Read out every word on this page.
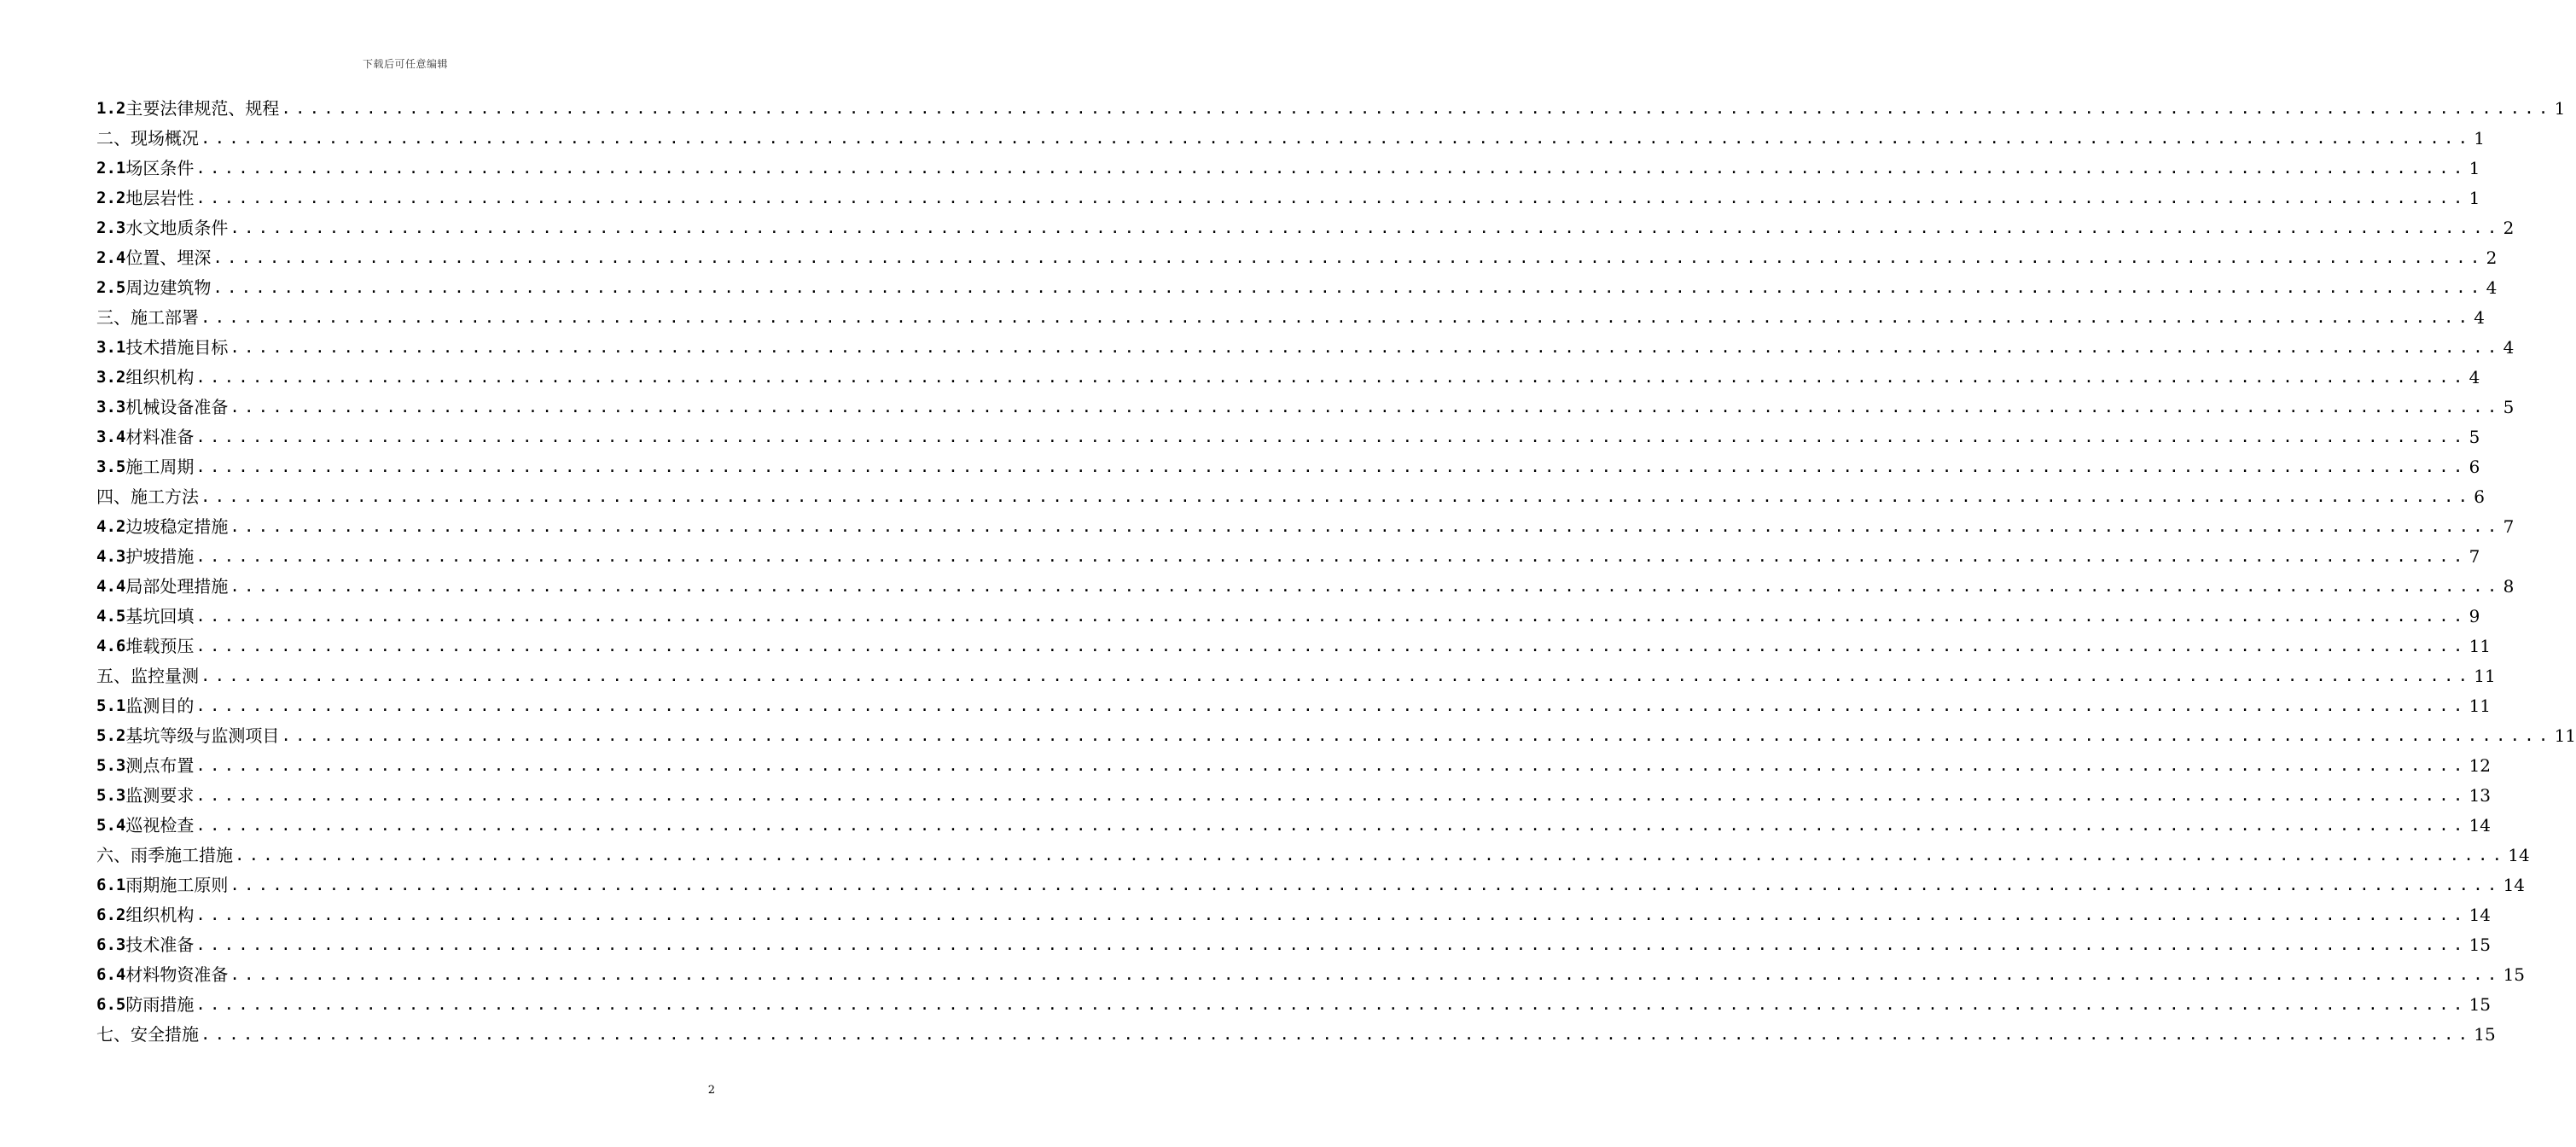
下载后可任意编辑
1.2 主要法律规范、规程 ................................................................................................................................................................ 1
二、现场概况 ................................................................................................................................................................ 1
2.1 场区条件 ................................................................................................................................................................ 1
2.2 地层岩性 ................................................................................................................................................................ 1
2.3 水文地质条件 ................................................................................................................................................................ 2
2.4 位置、埋深 ................................................................................................................................................................ 2
2.5 周边建筑物 ................................................................................................................................................................ 4
三、施工部署 ................................................................................................................................................................ 4
3.1 技术措施目标 ................................................................................................................................................................ 4
3.2 组织机构 ................................................................................................................................................................ 4
3.3 机械设备准备 ................................................................................................................................................................ 5
3.4 材料准备 ................................................................................................................................................................ 5
3.5 施工周期 ................................................................................................................................................................ 6
四、施工方法 ................................................................................................................................................................ 6
4.2 边坡稳定措施 ................................................................................................................................................................ 7
4.3 护坡措施 ................................................................................................................................................................ 7
4.4 局部处理措施 ................................................................................................................................................................ 8
4.5 基坑回填 ................................................................................................................................................................ 9
4.6 堆载预压 ................................................................................................................................................................ 11
五、监控量测 ................................................................................................................................................................ 11
5.1 监测目的 ................................................................................................................................................................ 11
5.2 基坑等级与监测项目 ................................................................................................................................................................ 11
5.3 测点布置 ................................................................................................................................................................ 12
5.3 监测要求 ................................................................................................................................................................ 13
5.4 巡视检查 ................................................................................................................................................................ 14
六、雨季施工措施 ................................................................................................................................................................ 14
6.1 雨期施工原则 ................................................................................................................................................................ 14
6.2 组织机构 ................................................................................................................................................................ 14
6.3 技术准备 ................................................................................................................................................................ 15
6.4 材料物资准备 ................................................................................................................................................................ 15
6.5 防雨措施 ................................................................................................................................................................ 15
七、安全措施 ................................................................................................................................................................ 15
2
